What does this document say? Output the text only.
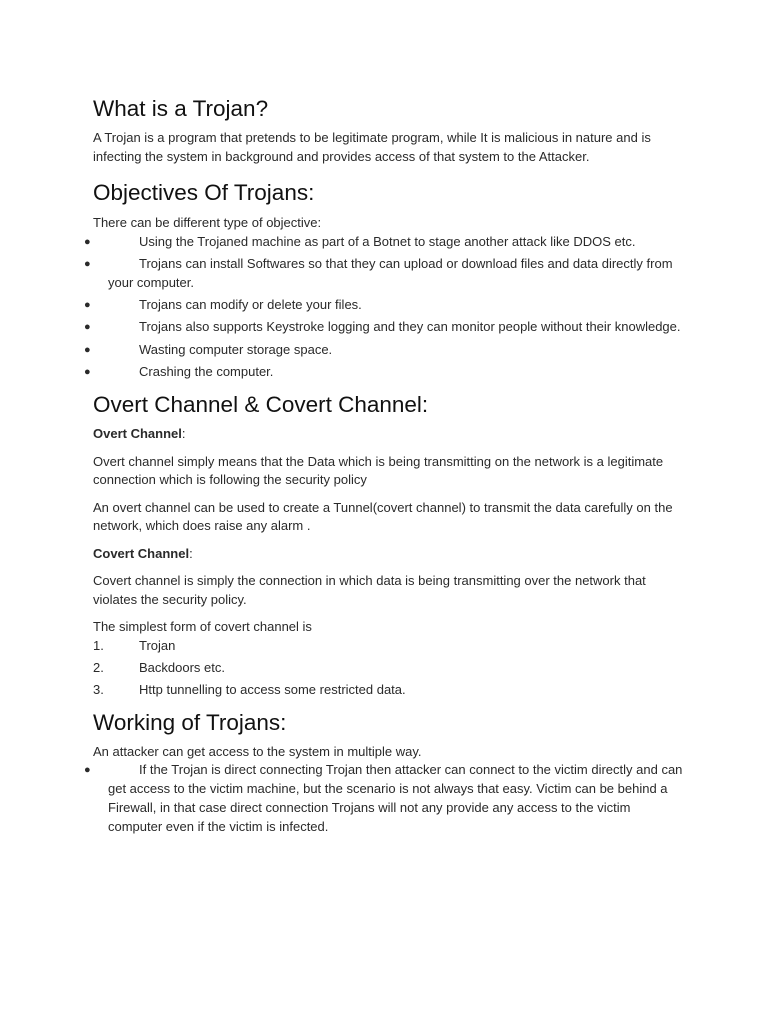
What is a Trojan?

A Trojan is a program that pretends to be legitimate program, while It is malicious in nature and is infecting the system in background and provides access of that system to the Attacker.

Objectives Of Trojans:

There can be different type of objective:

●	Using the Trojaned machine as part of a Botnet to stage another attack like DDOS etc.
●	Trojans can install Softwares so that they can upload or download files and data directly from your computer.
●	Trojans can modify or delete your files.
●	Trojans also supports Keystroke logging and they can monitor people without their knowledge.
●	Wasting computer storage space.
●	Crashing the computer.
Overt Channel & Covert Channel:

Overt Channel:

Overt channel simply means that the Data which is being transmitting on the network is a legitimate connection which is following the security policy

An overt channel can be used to create a Tunnel(covert channel) to transmit the data carefully on the network, which does raise any alarm .

Covert Channel:

Covert channel is simply the connection in which data is being transmitting over the network that violates the security policy.

The simplest form of covert channel is

1.	Trojan
2.	Backdoors etc.
3.	Http tunnelling to access some restricted data.
Working of Trojans:

An attacker can get access to the system in multiple way.

●	If the Trojan is direct connecting Trojan then attacker can connect to the victim directly and can get access to the victim machine, but the scenario is not always that easy. Victim can be behind a Firewall, in that case direct connection Trojans will not any provide any access to the victim computer even if the victim is infected.
